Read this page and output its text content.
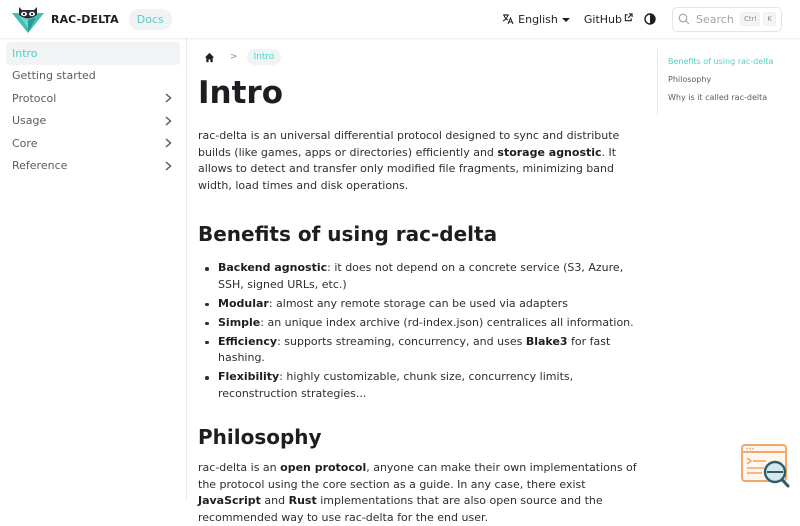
RAC-DELTA	Docs	English GitHub	Search	Ctrl	K
Intro
Getting started
Protocol
Usage
Core
Reference
>	Intro
Intro

rac-delta is an universal differential protocol designed to sync and distribute builds (like games, apps or directories) efficiently and storage agnostic. It allows to detect and transfer only modified file fragments, minimizing band width, load times and disk operations.

Benefits of using rac-delta
Backend agnostic: it does not depend on a concrete service (S3, Azure, SSH, signed URLs, etc.)
Modular: almost any remote storage can be used via adapters
Simple: an unique index archive (rd-index.json) centralices all information.
Efficiency: supports streaming, concurrency, and uses Blake3 for fast hashing.
Flexibility: highly customizable, chunk size, concurrency limits, reconstruction strategies...
Philosophy

rac-delta is an open protocol, anyone can make their own implementations of the protocol using the core section as a guide. In any case, there exist JavaScript and Rust implementations that are also open source and the recommended way to use rac-delta for the end user.

Benefits of using rac-delta
Philosophy
Why is it called rac-delta
